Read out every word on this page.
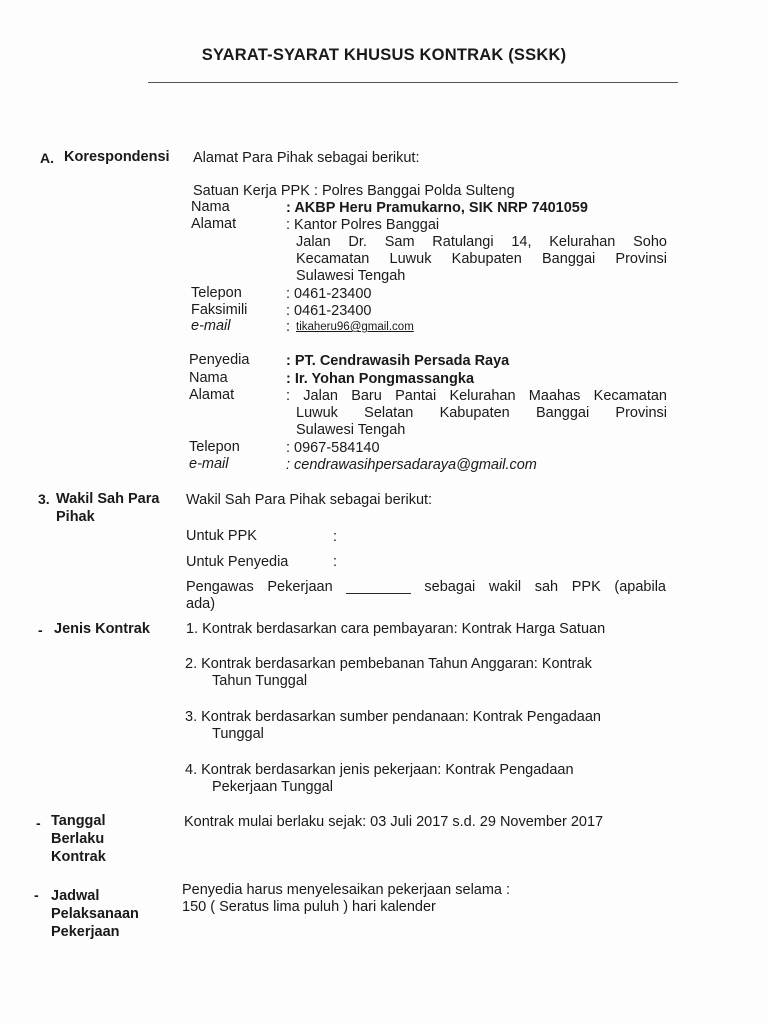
SYARAT-SYARAT KHUSUS KONTRAK (SSKK)
A. Korespondensi Alamat Para Pihak sebagai berikut:
Satuan Kerja PPK : Polres Banggai Polda Sulteng
Nama	: AKBP Heru Pramukarno, SIK NRP 7401059
Alamat	: Kantor Polres Banggai
Jalan Dr. Sam Ratulangi 14, Kelurahan Soho
Kecamatan Luwuk Kabupaten Banggai Provinsi
Sulawesi Tengah
Telepon	: 0461-23400
Faksimili	: 0461-23400
e-mail	: tikaheru96@gmail.com
Penyedia	: PT. Cendrawasih Persada Raya
Nama	: Ir. Yohan Pongmassangka
Alamat	: Jalan Baru Pantai Kelurahan Maahas Kecamatan
Luwuk Selatan Kabupaten Banggai Provinsi
Sulawesi Tengah
Telepon	: 0967-584140
e-mail	: cendrawasihpersadaraya@gmail.com
3. Wakil Sah Para
Pihak
Wakil Sah Para Pihak sebagai berikut:
Untuk PPK	:
Untuk Penyedia	:
Pengawas Pekerjaan ________ sebagai wakil sah PPK (apabila
ada)
- Jenis Kontrak 1. Kontrak berdasarkan cara pembayaran: Kontrak Harga Satuan
2. Kontrak berdasarkan pembebanan Tahun Anggaran: Kontrak
Tahun Tunggal
3. Kontrak berdasarkan sumber pendanaan: Kontrak Pengadaan
Tunggal
4. Kontrak berdasarkan jenis pekerjaan: Kontrak Pengadaan
Pekerjaan Tunggal
- Tanggal
Berlaku
Kontrak
Kontrak mulai berlaku sejak: 03 Juli 2017 s.d. 29 November 2017
- Jadwal
Pelaksanaan
Pekerjaan
Penyedia harus menyelesaikan pekerjaan selama :
150 ( Seratus lima puluh ) hari kalender
